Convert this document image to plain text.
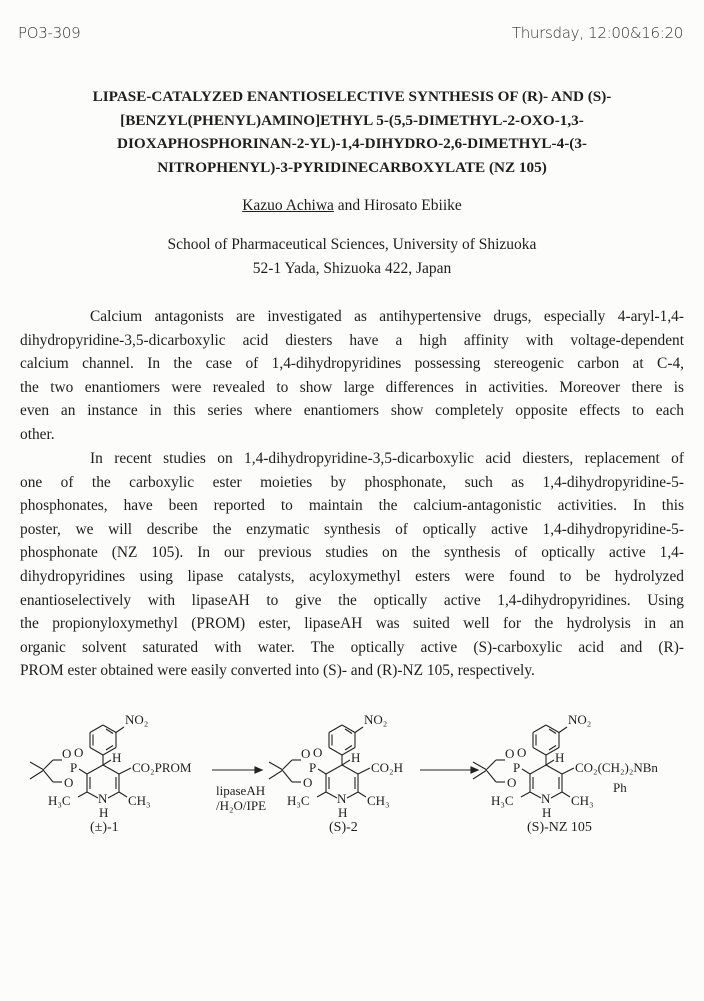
PO3-309	Thursday, 12:00&16:20
LIPASE-CATALYZED ENANTIOSELECTIVE SYNTHESIS OF (R)- AND (S)-
[BENZYL(PHENYL)AMINO]ETHYL 5-(5,5-DIMETHYL-2-OXO-1,3-
DIOXAPHOSPHORINAN-2-YL)-1,4-DIHYDRO-2,6-DIMETHYL-4-(3-
NITROPHENYL)-3-PYRIDINECARBOXYLATE (NZ 105)
Kazuo Achiwa and Hirosato Ebiike
School of Pharmaceutical Sciences, University of Shizuoka
52-1 Yada, Shizuoka 422, Japan
Calcium antagonists are investigated as antihypertensive drugs, especially 4-aryl-1,4-
dihydropyridine-3,5-dicarboxylic acid diesters have a high affinity with voltage-dependent
calcium channel. In the case of 1,4-dihydropyridines possessing stereogenic carbon at C-4,
the two enantiomers were revealed to show large differences in activities. Moreover there is
even an instance in this series where enantiomers show completely opposite effects to each
other.
In recent studies on 1,4-dihydropyridine-3,5-dicarboxylic acid diesters, replacement of
one of the carboxylic ester moieties by phosphonate, such as 1,4-dihydropyridine-5-
phosphonates, have been reported to maintain the calcium-antagonistic activities. In this
poster, we will describe the enzymatic synthesis of optically active 1,4-dihydropyridine-5-
phosphonate (NZ 105). In our previous studies on the synthesis of optically active 1,4-
dihydropyridines using lipase catalysts, acyloxymethyl esters were found to be hydrolyzed
enantioselectively with lipaseAH to give the optically active 1,4-dihydropyridines. Using
the propionyloxymethyl (PROM) ester, lipaseAH was suited well for the hydrolysis in an
organic solvent saturated with water. The optically active (S)-carboxylic acid and (R)-
PROM ester obtained were easily converted into (S)- and (R)-NZ 105, respectively.
lipaseAH
/H₂O/IPE
NO₂
N
H
H
CO₂PROM
P
O O
O
H₃C	CH₃
(±)-1
NO₂
N
H
H
CO₂H
P
O O
O
H₃C	CH₃
(S)-2
NO₂
N
H
H
CO₂(CH₂)₂NBn
Ph
P
O O
O
H₃C	CH₃
(S)-NZ 105
